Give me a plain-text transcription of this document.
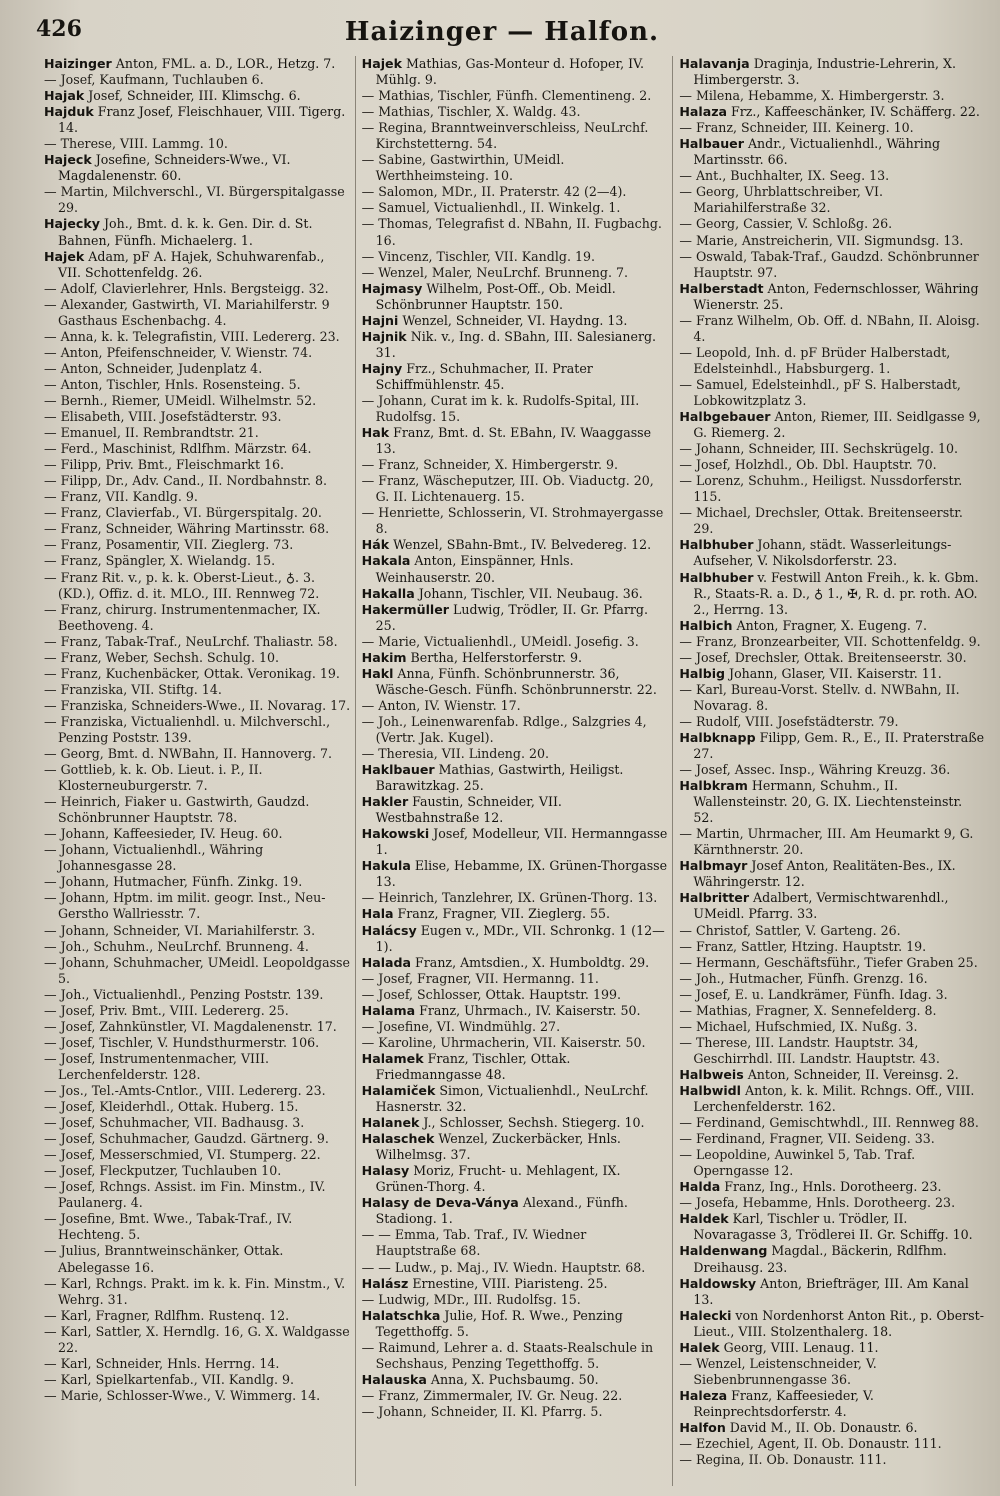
426	Haizinger — Halfon.
Haizinger Anton, FML. a. D., LOR., Hetzg. 7.
— Josef, Kaufmann, Tuchlauben 6.
Hajak Josef, Schneider, III. Klimschg. 6.
Hajduk Franz Josef, Fleischhauer, VIII. Tigerg. 14.
— Therese, VIII. Lammg. 10.
Hajeck Josefine, Schneiders-Wwe., VI. Magdalenenstr. 60.
— Martin, Milchverschl., VI. Bürgerspitalgasse 29.
Hajecky Joh., Bmt. d. k. k. Gen. Dir. d. St. Bahnen, Fünfh. Michaelerg. 1.
Hajek Adam, pF A. Hajek, Schuhwarenfab., VII. Schottenfeldg. 26.
— Adolf, Clavierlehrer, Hnls. Bergsteigg. 32.
— Alexander, Gastwirth, VI. Mariahilferstr. 9 Gasthaus Eschenbachg. 4.
— Anna, k. k. Telegrafistin, VIII. Ledererg. 23.
— Anton, Pfeifenschneider, V. Wienstr. 74.
— Anton, Schneider, Judenplatz 4.
— Anton, Tischler, Hnls. Rosensteing. 5.
— Bernh., Riemer, UMeidl. Wilhelmstr. 52.
— Elisabeth, VIII. Josefstädterstr. 93.
— Emanuel, II. Rembrandtstr. 21.
— Ferd., Maschinist, Rdlfhm. Märzstr. 64.
— Filipp, Priv. Bmt., Fleischmarkt 16.
— Filipp, Dr., Adv. Cand., II. Nordbahnstr. 8.
— Franz, VII. Kandlg. 9.
— Franz, Clavierfab., VI. Bürgerspitalg. 20.
— Franz, Schneider, Währing Martinsstr. 68.
— Franz, Posamentir, VII. Zieglerg. 73.
— Franz, Spängler, X. Wielandg. 15.
— Franz Rit. v., p. k. k. Oberst-Lieut., ♁. 3. (KD.), Offiz. d. it. MLO., III. Rennweg 72.
— Franz, chirurg. Instrumentenmacher, IX. Beethoveng. 4.
— Franz, Tabak-Traf., NeuLrchf. Thaliastr. 58.
— Franz, Weber, Sechsh. Schulg. 10.
— Franz, Kuchenbäcker, Ottak. Veronikag. 19.
— Franziska, VII. Stiftg. 14.
— Franziska, Schneiders-Wwe., II. Novarag. 17.
— Franziska, Victualienhdl. u. Milchverschl., Penzing Poststr. 139.
— Georg, Bmt. d. NWBahn, II. Hannoverg. 7.
— Gottlieb, k. k. Ob. Lieut. i. P., II. Klosterneuburgerstr. 7.
— Heinrich, Fiaker u. Gastwirth, Gaudzd. Schönbrunner Hauptstr. 78.
— Johann, Kaffeesieder, IV. Heug. 60.
— Johann, Victualienhdl., Währing Johannesgasse 28.
— Johann, Hutmacher, Fünfh. Zinkg. 19.
— Johann, Hptm. im milit. geogr. Inst., Neu-Gerstho Wallriesstr. 7.
— Johann, Schneider, VI. Mariahilferstr. 3.
— Joh., Schuhm., NeuLrchf. Brunneng. 4.
— Johann, Schuhmacher, UMeidl. Leopoldgasse 5.
— Joh., Victualienhdl., Penzing Poststr. 139.
— Josef, Priv. Bmt., VIII. Ledererg. 25.
— Josef, Zahnkünstler, VI. Magdalenenstr. 17.
— Josef, Tischler, V. Hundsthurmerstr. 106.
— Josef, Instrumentenmacher, VIII. Lerchenfelderstr. 128.
— Jos., Tel.-Amts-Cntlor., VIII. Ledererg. 23.
— Josef, Kleiderhdl., Ottak. Huberg. 15.
— Josef, Schuhmacher, VII. Badhausg. 3.
— Josef, Schuhmacher, Gaudzd. Gärtnerg. 9.
— Josef, Messerschmied, VI. Stumperg. 22.
— Josef, Fleckputzer, Tuchlauben 10.
— Josef, Rchngs. Assist. im Fin. Minstm., IV. Paulanerg. 4.
— Josefine, Bmt. Wwe., Tabak-Traf., IV. Hechteng. 5.
— Julius, Branntweinschänker, Ottak. Abelegasse 16.
— Karl, Rchngs. Prakt. im k. k. Fin. Minstm., V. Wehrg. 31.
— Karl, Fragner, Rdlfhm. Rustenq. 12.
— Karl, Sattler, X. Herndlg. 16, G. X. Waldgasse 22.
— Karl, Schneider, Hnls. Herrng. 14.
— Karl, Spielkartenfab., VII. Kandlg. 9.
— Marie, Schlosser-Wwe., V. Wimmerg. 14.
Hajek Mathias, Gas-Monteur d. Hofoper, IV. Mühlg. 9.
— Mathias, Tischler, Fünfh. Clementineng. 2.
— Mathias, Tischler, X. Waldg. 43.
— Regina, Branntweinverschleiss, NeuLrchf. Kirchstetterng. 54.
— Sabine, Gastwirthin, UMeidl. Werthheimsteing. 10.
— Salomon, MDr., II. Praterstr. 42 (2—4).
— Samuel, Victualienhdl., II. Winkelg. 1.
— Thomas, Telegrafist d. NBahn, II. Fugbachg. 16.
— Vincenz, Tischler, VII. Kandlg. 19.
— Wenzel, Maler, NeuLrchf. Brunneng. 7.
Hajmasy Wilhelm, Post-Off., Ob. Meidl. Schönbrunner Hauptstr. 150.
Hajni Wenzel, Schneider, VI. Haydng. 13.
Hajnik Nik. v., Ing. d. SBahn, III. Salesianerg. 31.
Hajny Frz., Schuhmacher, II. Prater Schiffmühlenstr. 45.
— Johann, Curat im k. k. Rudolfs-Spital, III. Rudolfsg. 15.
Hak Franz, Bmt. d. St. EBahn, IV. Waaggasse 13.
— Franz, Schneider, X. Himbergerstr. 9.
— Franz, Wäscheputzer, III. Ob. Viaductg. 20, G. II. Lichtenauerg. 15.
— Henriette, Schlosserin, VI. Strohmayergasse 8.
Hák Wenzel, SBahn-Bmt., IV. Belvedereg. 12.
Hakala Anton, Einspänner, Hnls. Weinhauserstr. 20.
Hakalla Johann, Tischler, VII. Neubaug. 36.
Hakermüller Ludwig, Trödler, II. Gr. Pfarrg. 25.
— Marie, Victualienhdl., UMeidl. Josefig. 3.
Hakim Bertha, Helferstorferstr. 9.
Hakl Anna, Fünfh. Schönbrunnerstr. 36, Wäsche-Gesch. Fünfh. Schönbrunnerstr. 22.
— Anton, IV. Wienstr. 17.
— Joh., Leinenwarenfab. Rdlge., Salzgries 4, (Vertr. Jak. Kugel).
— Theresia, VII. Lindeng. 20.
Haklbauer Mathias, Gastwirth, Heiligst. Barawitzkag. 25.
Hakler Faustin, Schneider, VII. Westbahnstraße 12.
Hakowski Josef, Modelleur, VII. Hermanngasse 1.
Hakula Elise, Hebamme, IX. Grünen-Thorgasse 13.
— Heinrich, Tanzlehrer, IX. Grünen-Thorg. 13.
Hala Franz, Fragner, VII. Zieglerg. 55.
Halácsy Eugen v., MDr., VII. Schronkg. 1 (12—1).
Halada Franz, Amtsdien., X. Humboldtg. 29.
— Josef, Fragner, VII. Hermanng. 11.
— Josef, Schlosser, Ottak. Hauptstr. 199.
Halama Franz, Uhrmach., IV. Kaiserstr. 50.
— Josefine, VI. Windmühlg. 27.
— Karoline, Uhrmacherin, VII. Kaiserstr. 50.
Halamek Franz, Tischler, Ottak. Friedmanngasse 48.
Halamiček Simon, Victualienhdl., NeuLrchf. Hasnerstr. 32.
Halanek J., Schlosser, Sechsh. Stiegerg. 10.
Halaschek Wenzel, Zuckerbäcker, Hnls. Wilhelmsg. 37.
Halasy Moriz, Frucht- u. Mehlagent, IX. Grünen-Thorg. 4.
Halasy de Deva-Ványa Alexand., Fünfh. Stadiong. 1.
— — Emma, Tab. Traf., IV. Wiedner Hauptstraße 68.
— — Ludw., p. Maj., IV. Wiedn. Hauptstr. 68.
Halász Ernestine, VIII. Piaristeng. 25.
— Ludwig, MDr., III. Rudolfsg. 15.
Halatschka Julie, Hof. R. Wwe., Penzing Tegetthoffg. 5.
— Raimund, Lehrer a. d. Staats-Realschule in Sechshaus, Penzing Tegetthoffg. 5.
Halauska Anna, X. Puchsbaumg. 50.
— Franz, Zimmermaler, IV. Gr. Neug. 22.
— Johann, Schneider, II. Kl. Pfarrg. 5.
Halavanja Draginja, Industrie-Lehrerin, X. Himbergerstr. 3.
— Milena, Hebamme, X. Himbergerstr. 3.
Halaza Frz., Kaffeeschänker, IV. Schäfferg. 22.
— Franz, Schneider, III. Keinerg. 10.
Halbauer Andr., Victualienhdl., Währing Martinsstr. 66.
— Ant., Buchhalter, IX. Seeg. 13.
— Georg, Uhrblattschreiber, VI. Mariahilferstraße 32.
— Georg, Cassier, V. Schloßg. 26.
— Marie, Anstreicherin, VII. Sigmundsg. 13.
— Oswald, Tabak-Traf., Gaudzd. Schönbrunner Hauptstr. 97.
Halberstadt Anton, Federnschlosser, Währing Wienerstr. 25.
— Franz Wilhelm, Ob. Off. d. NBahn, II. Aloisg. 4.
— Leopold, Inh. d. pF Brüder Halberstadt, Edelsteinhdl., Habsburgerg. 1.
— Samuel, Edelsteinhdl., pF S. Halberstadt, Lobkowitzplatz 3.
Halbgebauer Anton, Riemer, III. Seidlgasse 9, G. Riemerg. 2.
— Johann, Schneider, III. Sechskrügelg. 10.
— Josef, Holzhdl., Ob. Dbl. Hauptstr. 70.
— Lorenz, Schuhm., Heiligst. Nussdorferstr. 115.
— Michael, Drechsler, Ottak. Breitenseerstr. 29.
Halbhuber Johann, städt. Wasserleitungs-Aufseher, V. Nikolsdorferstr. 23.
Halbhuber v. Festwill Anton Freih., k. k. Gbm. R., Staats-R. a. D., ♁ 1., ✠, R. d. pr. roth. AO. 2., Herrng. 13.
Halbich Anton, Fragner, X. Eugeng. 7.
— Franz, Bronzearbeiter, VII. Schottenfeldg. 9.
— Josef, Drechsler, Ottak. Breitenseerstr. 30.
Halbig Johann, Glaser, VII. Kaiserstr. 11.
— Karl, Bureau-Vorst. Stellv. d. NWBahn, II. Novarag. 8.
— Rudolf, VIII. Josefstädterstr. 79.
Halbknapp Filipp, Gem. R., E., II. Praterstraße 27.
— Josef, Assec. Insp., Währing Kreuzg. 36.
Halbkram Hermann, Schuhm., II. Wallensteinstr. 20, G. IX. Liechtensteinstr. 52.
— Martin, Uhrmacher, III. Am Heumarkt 9, G. Kärnthnerstr. 20.
Halbmayr Josef Anton, Realitäten-Bes., IX. Währingerstr. 12.
Halbritter Adalbert, Vermischtwarenhdl., UMeidl. Pfarrg. 33.
— Christof, Sattler, V. Garteng. 26.
— Franz, Sattler, Htzing. Hauptstr. 19.
— Hermann, Geschäftsführ., Tiefer Graben 25.
— Joh., Hutmacher, Fünfh. Grenzg. 16.
— Josef, E. u. Landkrämer, Fünfh. Idag. 3.
— Mathias, Fragner, X. Sennefelderg. 8.
— Michael, Hufschmied, IX. Nußg. 3.
— Therese, III. Landstr. Hauptstr. 34, Geschirrhdl. III. Landstr. Hauptstr. 43.
Halbweis Anton, Schneider, II. Vereinsg. 2.
Halbwidl Anton, k. k. Milit. Rchngs. Off., VIII. Lerchenfelderstr. 162.
— Ferdinand, Gemischtwhdl., III. Rennweg 88.
— Ferdinand, Fragner, VII. Seideng. 33.
— Leopoldine, Auwinkel 5, Tab. Traf. Operngasse 12.
Halda Franz, Ing., Hnls. Dorotheerg. 23.
— Josefa, Hebamme, Hnls. Dorotheerg. 23.
Haldek Karl, Tischler u. Trödler, II. Novaragasse 3, Trödlerei II. Gr. Schiffg. 10.
Haldenwang Magdal., Bäckerin, Rdlfhm. Dreihausg. 23.
Haldowsky Anton, Briefträger, III. Am Kanal 13.
Halecki von Nordenhorst Anton Rit., p. Oberst-Lieut., VIII. Stolzenthalerg. 18.
Halek Georg, VIII. Lenaug. 11.
— Wenzel, Leistenschneider, V. Siebenbrunnengasse 36.
Haleza Franz, Kaffeesieder, V. Reinprechtsdorferstr. 4.
Halfon David M., II. Ob. Donaustr. 6.
— Ezechiel, Agent, II. Ob. Donaustr. 111.
— Regina, II. Ob. Donaustr. 111.
